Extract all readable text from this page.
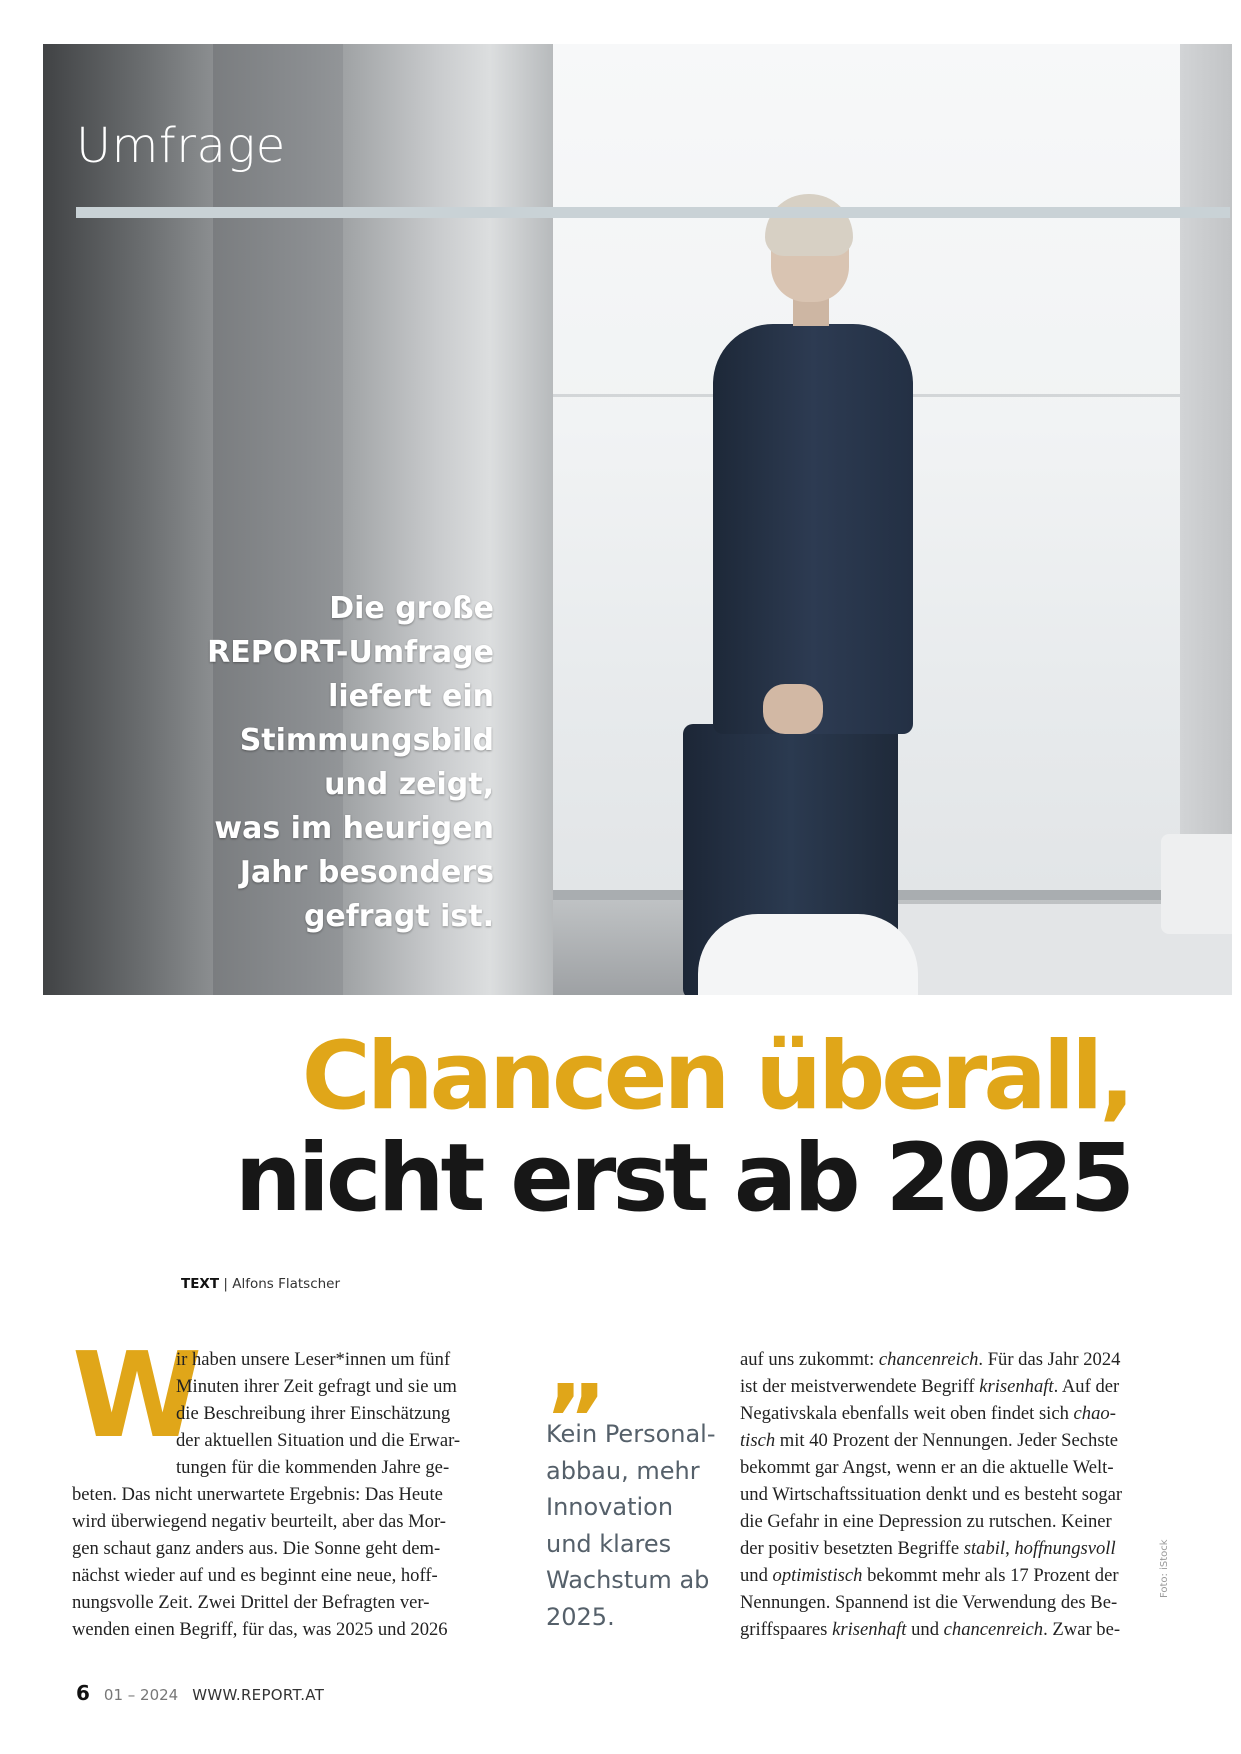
Umfrage
Die große
REPORT-Umfrage
liefert ein
Stimmungsbild
und zeigt,
was im heurigen
Jahr besonders
gefragt ist.
Chancen überall,
nicht erst ab 2025
TEXT | Alfons Flatscher
W
ir haben unsere Leser*innen um fünf
Minuten ihrer Zeit gefragt und sie um
die Beschreibung ihrer Einschätzung
der aktuellen Situation und die Erwar-
tungen für die kommenden Jahre ge-
beten. Das nicht unerwartete Ergebnis: Das Heute
wird überwiegend negativ beurteilt, aber das Mor-
gen schaut ganz anders aus. Die Sonne geht dem-
nächst wieder auf und es beginnt eine neue, hoff-
nungsvolle Zeit. Zwei Drittel der Befragten ver-
wenden einen Begriff, für das, was 2025 und 2026
„
Kein Personal-
abbau, mehr
Innovation
und klares
Wachstum ab
2025.
auf uns zukommt: chancenreich. Für das Jahr 2024
ist der meistverwendete Begriff krisenhaft. Auf der
Negativskala ebenfalls weit oben findet sich chao-
tisch mit 40 Prozent der Nennungen. Jeder Sechste
bekommt gar Angst, wenn er an die aktuelle Welt-
und Wirtschaftssituation denkt und es besteht sogar
die Gefahr in eine Depression zu rutschen. Keiner
der positiv besetzten Begriffe stabil, hoffnungsvoll
und optimistisch bekommt mehr als 17 Prozent der
Nennungen. Spannend ist die Verwendung des Be-
griffspaares krisenhaft und chancenreich. Zwar be-
Foto: iStock
6 01 – 2024 WWW.REPORT.AT
